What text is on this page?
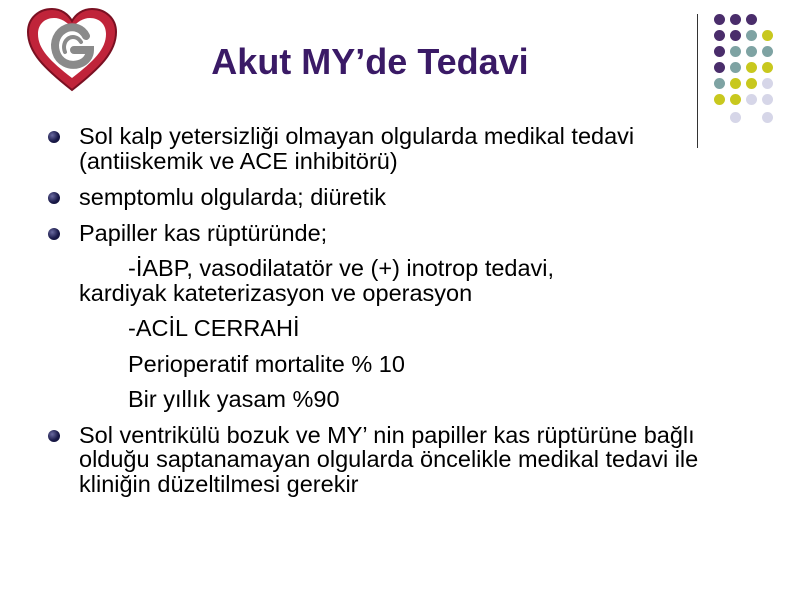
Akut MY’de Tedavi
Sol kalp yetersizliği olmayan olgularda medikal tedavi (antiiskemik ve ACE inhibitörü)
semptomlu olgularda; diüretik
Papiller kas rüptüründe;
-İABP, vasodilatatör ve (+) inotrop tedavi,
kardiyak kateterizasyon ve operasyon
-ACİL CERRAHİ
Perioperatif mortalite % 10
Bir yıllık yasam %90
Sol ventrikülü bozuk ve MY’ nin papiller kas rüptürüne bağlı olduğu saptanamayan olgularda öncelikle medikal tedavi ile kliniğin düzeltilmesi gerekir
